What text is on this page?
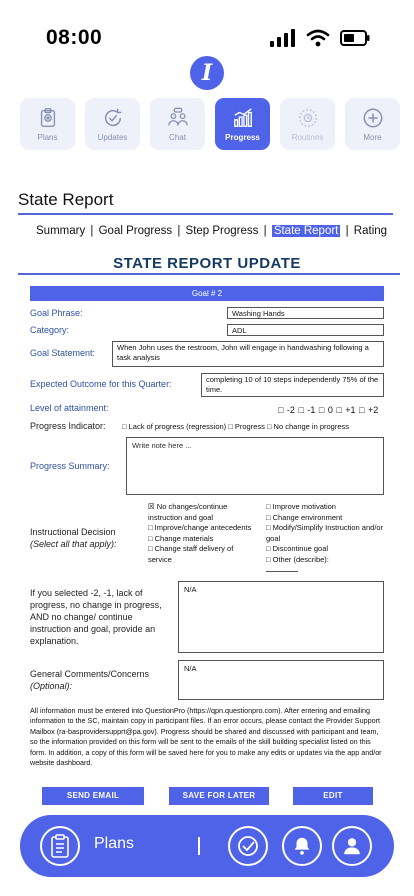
08:00
I
Plans	Updates	Chat	Progress	Routines	More
State Report
Summary | Goal Progress | Step Progress | State Report | Rating
STATE REPORT UPDATE
Goal # 2
Goal Phrase:	Washing Hands
Category:	ADL
Goal Statement:
When John uses the restroom, John will engage in handwashing following a task analysis
Expected Outcome for this Quarter:	completing 10 of 10 steps independently 75% of the time.
Level of attainment:	□ -2 □ -1 □ 0 □ +1 □ +2
Progress Indicator: □ Lack of progress (regression) □ Progress □ No change in progress
Progress Summary:
Write note here ...
Instructional Decision
(Select all that apply):
☒ No changes/continue instruction and goal
□ Improve/change antecedents
□ Change materials
□ Change staff delivery of service
□ Improve motivation
□ Change environment
□ Modify/Simplify Instruction and/or goal
□ Discontinue goal
□ Other (describe):
If you selected -2, -1, lack of progress, no change in progress, AND no change/ continue instruction and goal, provide an explanation.
N/A
General Comments/Concerns
(Optional):
N/A
All information must be entered into QuestionPro (https://qpn.questionpro.com). After entering and emailing information to the SC, maintain copy in participant files. If an error occurs, please contact the Provider Support Mailbox (ra-basprovidersupprt@pa.gov). Progress should be shared and discussed with participant and team, so the information provided on this form will be sent to the emails of the skill building specialist listed on this form. In addition, a copy of this form will be saved here for you to make any edits or updates via the app and/or website dashboard.
SEND EMAIL	SAVE FOR LATER	EDIT
Plans
